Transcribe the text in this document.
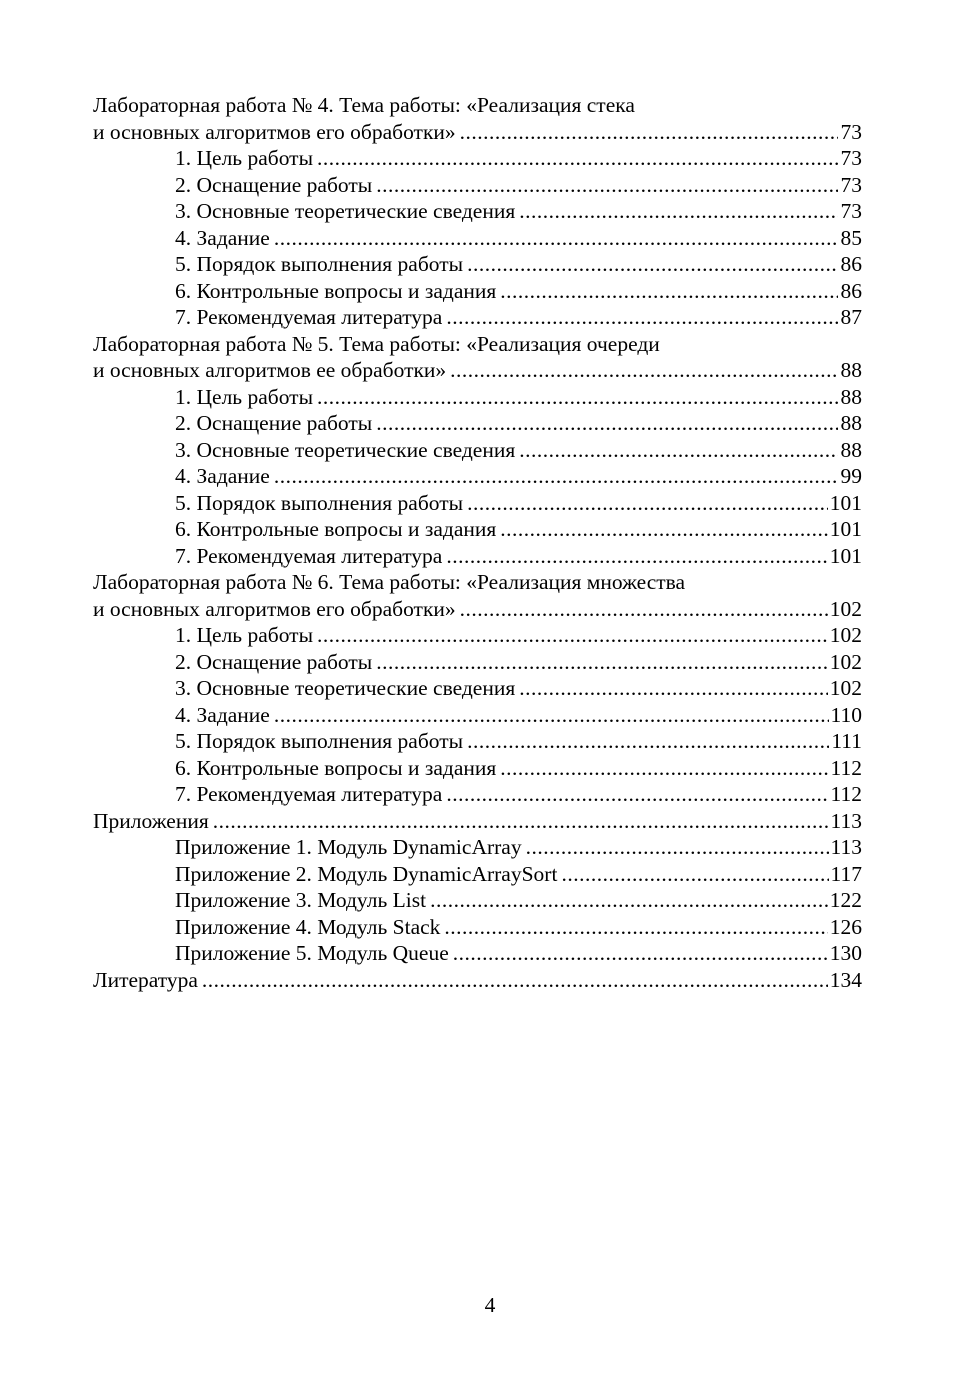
Лабораторная работа № 4. Тема работы: «Реализация стека
и основных алгоритмов его обработки» .....	73
1. Цель работы .....	73
2. Оснащение работы .....	73
3. Основные теоретические сведения .....	73
4. Задание .....	85
5. Порядок выполнения работы .....	86
6. Контрольные вопросы и задания .....	86
7. Рекомендуемая литература .....	87
Лабораторная работа № 5. Тема работы: «Реализация очереди
и основных алгоритмов ее обработки» .....	88
1. Цель работы .....	88
2. Оснащение работы .....	88
3. Основные теоретические сведения .....	88
4. Задание .....	99
5. Порядок выполнения работы .....	101
6. Контрольные вопросы и задания .....	101
7. Рекомендуемая литература .....	101
Лабораторная работа № 6. Тема работы: «Реализация множества
и основных алгоритмов его обработки» .....	102
1. Цель работы .....	102
2. Оснащение работы .....	102
3. Основные теоретические сведения .....	102
4. Задание .....	110
5. Порядок выполнения работы .....	111
6. Контрольные вопросы и задания .....	112
7. Рекомендуемая литература .....	112
Приложения .....	113
Приложение 1. Модуль DynamicArray .....	113
Приложение 2. Модуль DynamicArraySort .....	117
Приложение 3. Модуль List .....	122
Приложение 4. Модуль Stack .....	126
Приложение 5. Модуль Queue .....	130
Литература .....	134
4
